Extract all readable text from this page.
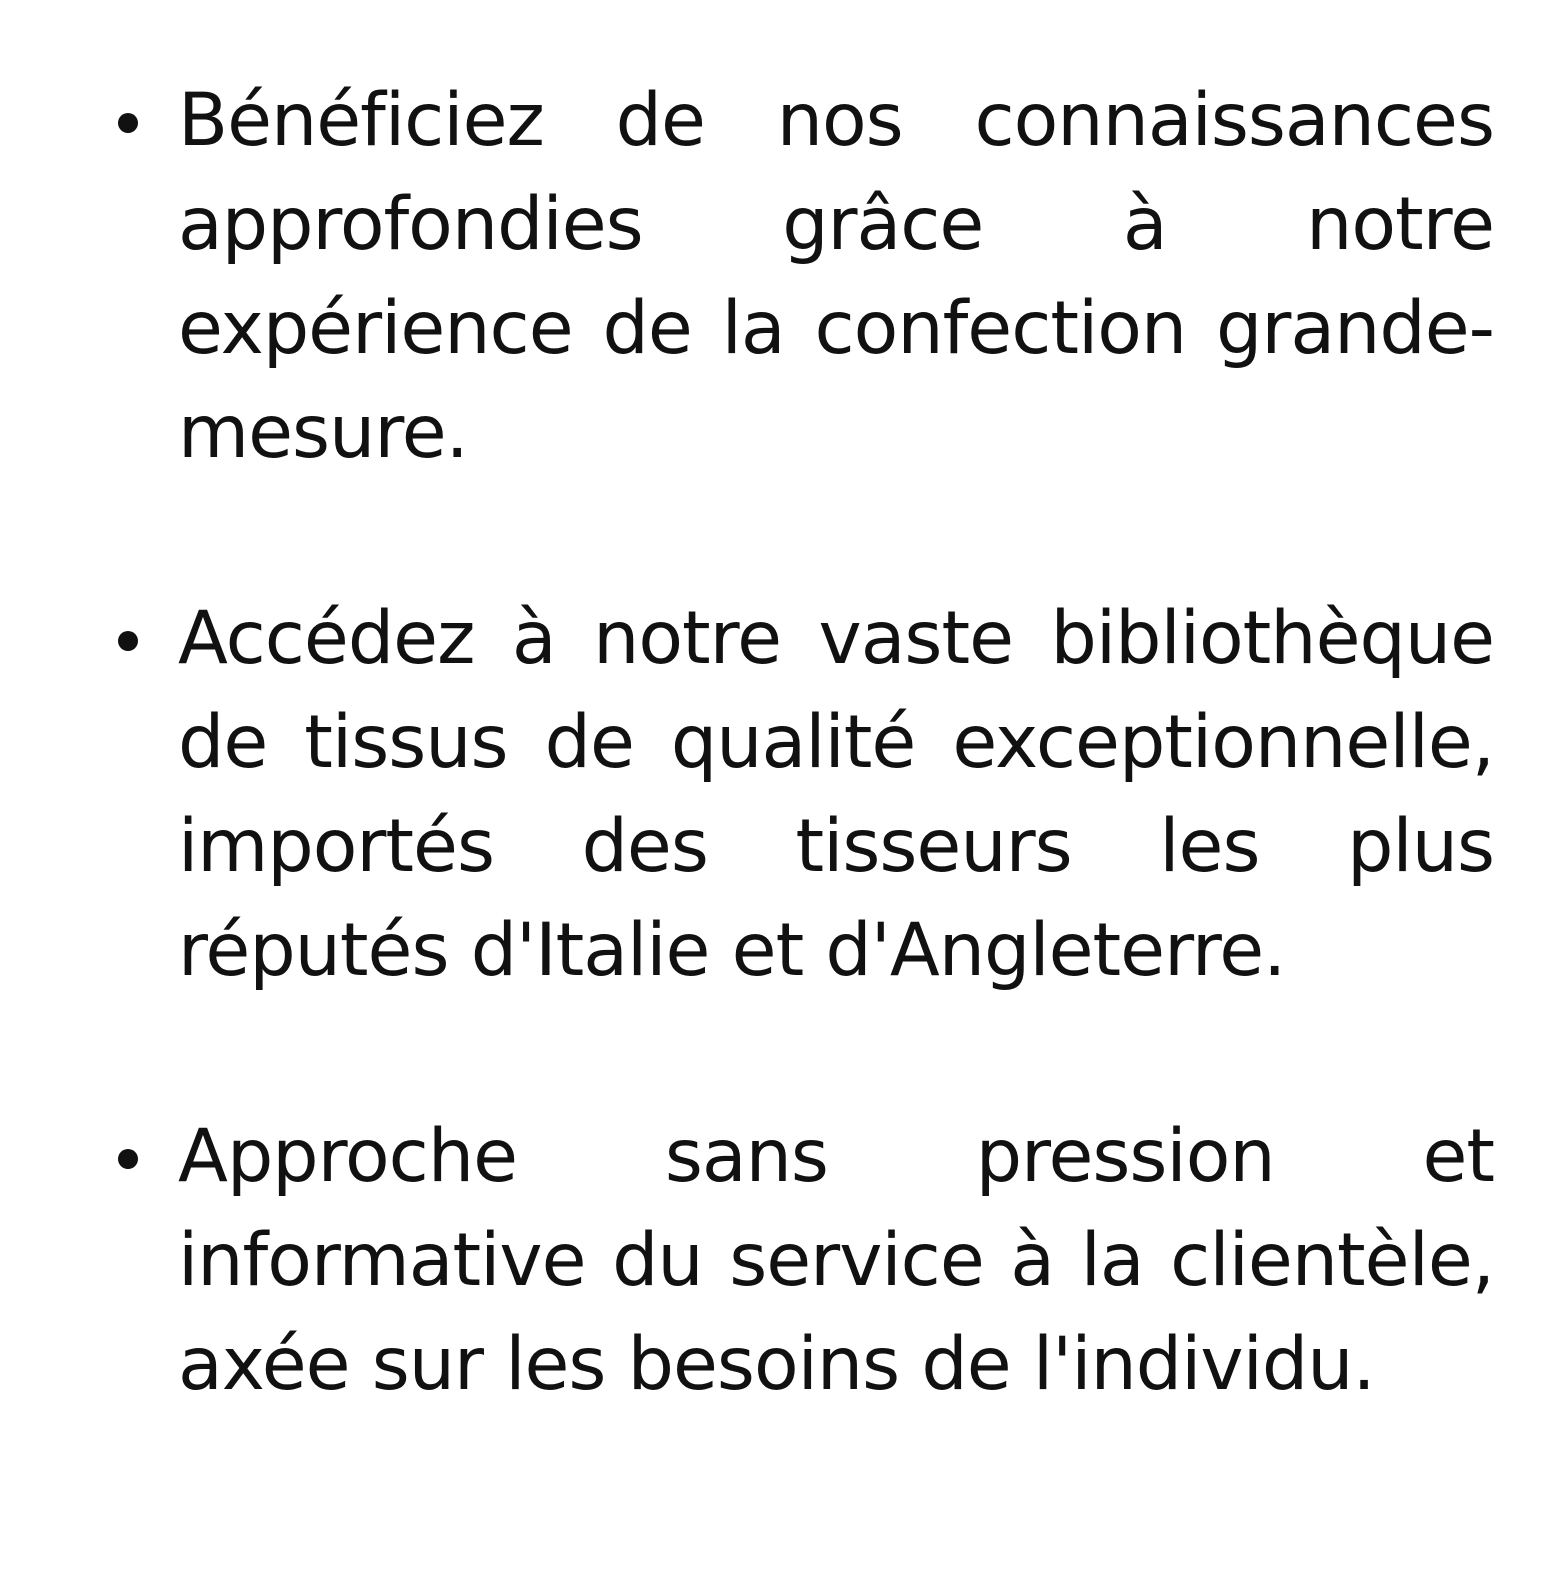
Bénéficiez de nos connaissances approfondies grâce à notre expérience de la confection grande-mesure.
Accédez à notre vaste bibliothèque de tissus de qualité exceptionnelle, importés des tisseurs les plus réputés d'Italie et d'Angleterre.
Approche sans pression et informative du service à la clientèle, axée sur les besoins de l'individu.
